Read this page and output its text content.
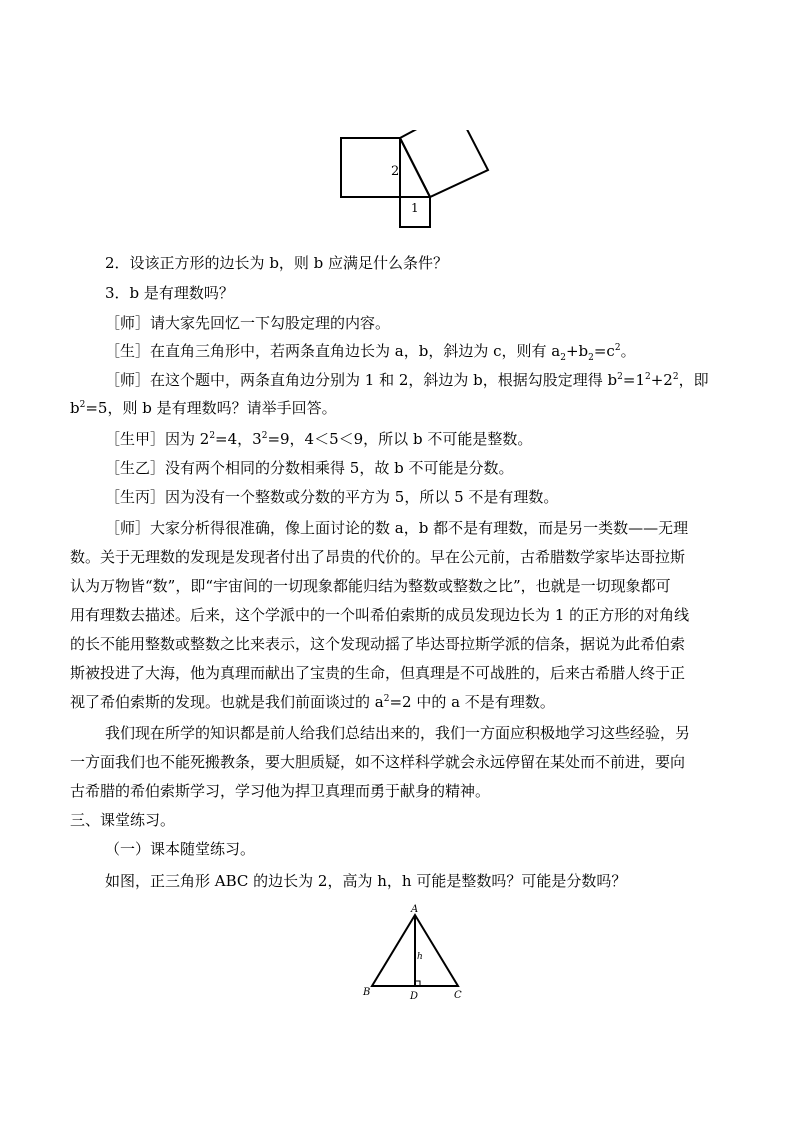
2
1
2．设该正方形的边长为 b，则 b 应满足什么条件？
3．b 是有理数吗？
［师］请大家先回忆一下勾股定理的内容。
［生］在直角三角形中，若两条直角边长为 a，b，斜边为 c，则有 $a_2+b_2=c^2$。
［师］在这个题中，两条直角边分别为 1 和 2，斜边为 b，根据勾股定理得 $b^2=1^2+2^2$，即
$b^2=5$，则 b 是有理数吗？请举手回答。
［生甲］因为 $2^2=4$，$3^2=9$，4＜5＜9，所以 b 不可能是整数。
［生乙］没有两个相同的分数相乘得 5，故 b 不可能是分数。
［生丙］因为没有一个整数或分数的平方为 5，所以 5 不是有理数。
［师］大家分析得很准确，像上面讨论的数 a，b 都不是有理数，而是另一类数——无理
数。关于无理数的发现是发现者付出了昂贵的代价的。早在公元前，古希腊数学家毕达哥拉斯
认为万物皆“数”，即“宇宙间的一切现象都能归结为整数或整数之比”，也就是一切现象都可
用有理数去描述。后来，这个学派中的一个叫希伯索斯的成员发现边长为 1 的正方形的对角线
的长不能用整数或整数之比来表示，这个发现动摇了毕达哥拉斯学派的信条，据说为此希伯索
斯被投进了大海，他为真理而献出了宝贵的生命，但真理是不可战胜的，后来古希腊人终于正
视了希伯索斯的发现。也就是我们前面谈过的 $a^2=2$ 中的 a 不是有理数。
我们现在所学的知识都是前人给我们总结出来的，我们一方面应积极地学习这些经验，另
一方面我们也不能死搬教条，要大胆质疑，如不这样科学就会永远停留在某处而不前进，要向
古希腊的希伯索斯学习，学习他为捍卫真理而勇于献身的精神。
三、课堂练习。
（一）课本随堂练习。
如图，正三角形 ABC 的边长为 2，高为 h，h 可能是整数吗？可能是分数吗？
A
B	C
D
h
